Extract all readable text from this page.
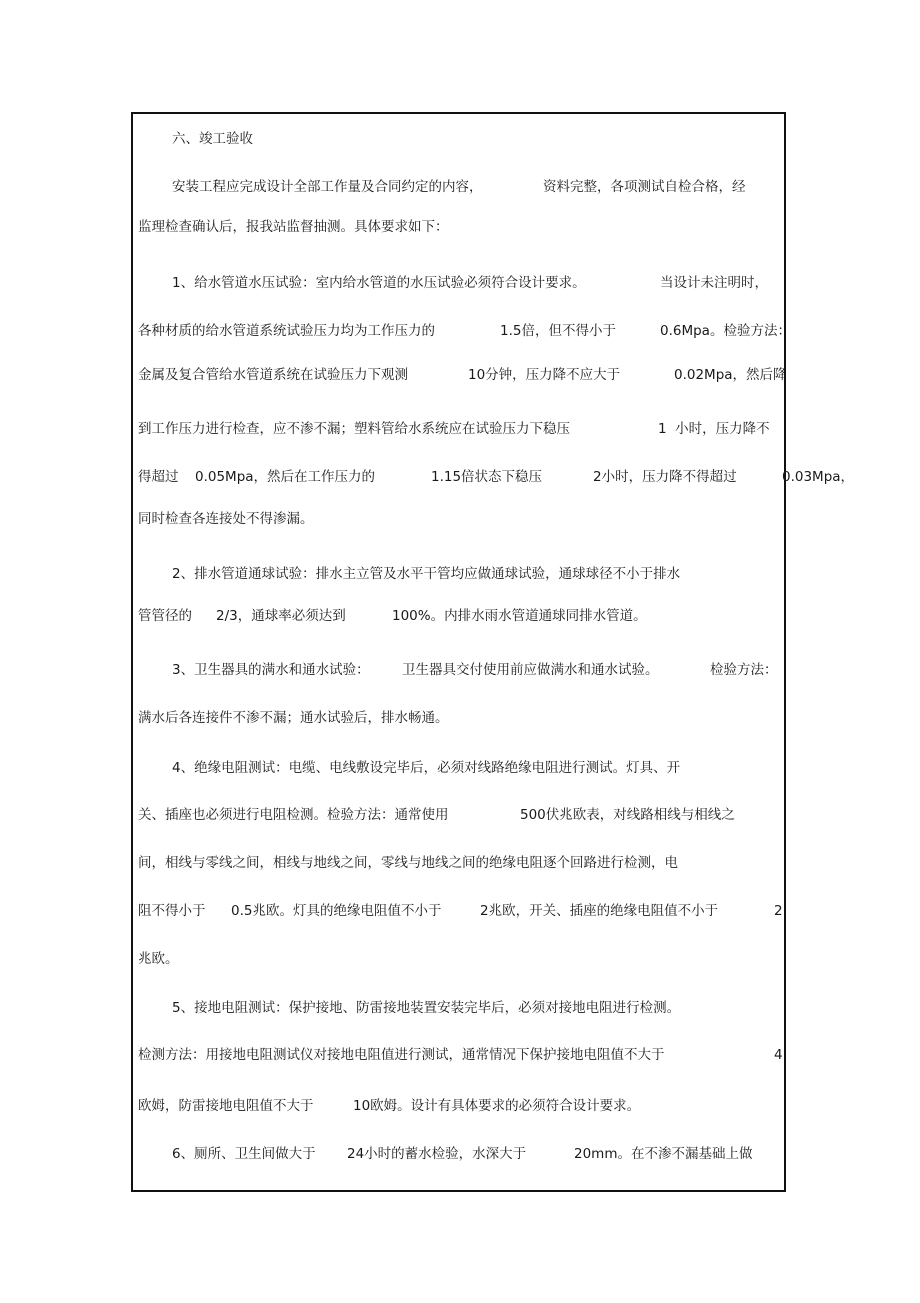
六、竣工验收
安装工程应完成设计全部工作量及合同约定的内容，	资料完整，各项测试自检合格，经
监理检查确认后，报我站监督抽测。具体要求如下：
1、给水管道水压试验：室内给水管道的水压试验必须符合设计要求。	当设计未注明时，
各种材质的给水管道系统试验压力均为工作压力的	1.5倍，但不得小于	0.6Mpa。检验方法：
金属及复合管给水管道系统在试验压力下观测	10分钟，压力降不应大于	0.02Mpa，然后降
到工作压力进行检查，应不渗不漏；塑料管给水系统应在试验压力下稳压	1  小时，压力降不
得超过 0.05Mpa，然后在工作压力的	1.15倍状态下稳压	2小时，压力降不得超过	0.03Mpa，
同时检查各连接处不得渗漏。
2、排水管道通球试验：排水主立管及水平干管均应做通球试验，通球球径不小于排水
管管径的 2/3，通球率必须达到	100%。内排水雨水管道通球同排水管道。
3、卫生器具的满水和通水试验： 卫生器具交付使用前应做满水和通水试验。	检验方法：
满水后各连接件不渗不漏；通水试验后，排水畅通。
4、绝缘电阻测试：电缆、电线敷设完毕后，必须对线路绝缘电阻进行测试。灯具、开
关、插座也必须进行电阻检测。检验方法：通常使用	500伏兆欧表，对线路相线与相线之
间，相线与零线之间，相线与地线之间，零线与地线之间的绝缘电阻逐个回路进行检测，电
阻不得小于 0.5兆欧。灯具的绝缘电阻值不小于	2兆欧，开关、插座的绝缘电阻值不小于	2
兆欧。
5、接地电阻测试：保护接地、防雷接地装置安装完毕后，必须对接地电阻进行检测。
检测方法：用接地电阻测试仪对接地电阻值进行测试，通常情况下保护接地电阻值不大于	4
欧姆，防雷接地电阻值不大于	10欧姆。设计有具体要求的必须符合设计要求。
6、厕所、卫生间做大于 24小时的蓄水检验，水深大于	20mm。在不渗不漏基础上做
